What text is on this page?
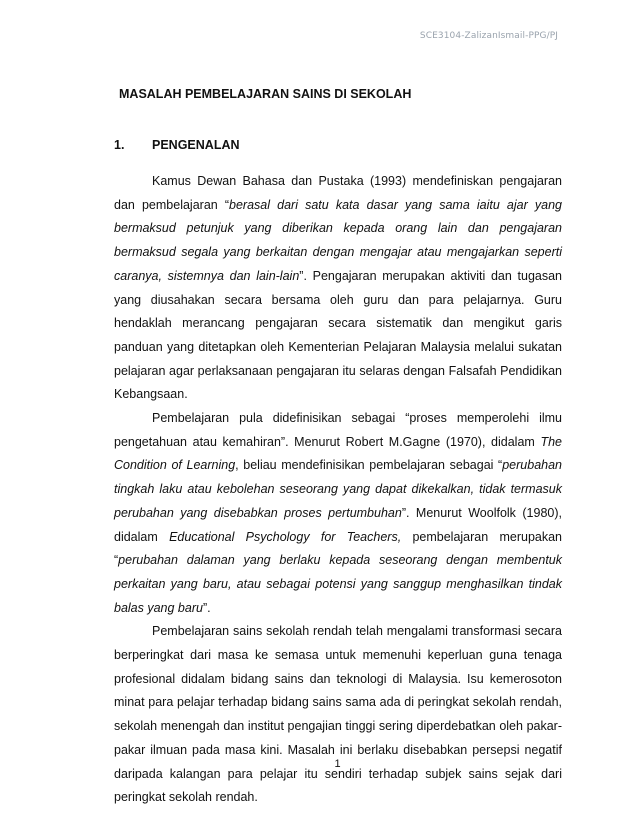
SCE3104-ZalizanIsmail-PPG/PJ
MASALAH PEMBELAJARAN SAINS DI SEKOLAH
1. PENGENALAN

Kamus Dewan Bahasa dan Pustaka (1993) mendefiniskan pengajaran dan pembelajaran “berasal dari satu kata dasar yang sama iaitu ajar yang bermaksud petunjuk yang diberikan kepada orang lain dan pengajaran bermaksud segala yang berkaitan dengan mengajar atau mengajarkan seperti caranya, sistemnya dan lain-lain”. Pengajaran merupakan aktiviti dan tugasan yang diusahakan secara bersama oleh guru dan para pelajarnya. Guru hendaklah merancang pengajaran secara sistematik dan mengikut garis panduan yang ditetapkan oleh Kementerian Pelajaran Malaysia melalui sukatan pelajaran agar perlaksanaan pengajaran itu selaras dengan Falsafah Pendidikan Kebangsaan.

Pembelajaran pula didefinisikan sebagai “proses memperolehi ilmu pengetahuan atau kemahiran”. Menurut Robert M.Gagne (1970), didalam The Condition of Learning, beliau mendefinisikan pembelajaran sebagai “perubahan tingkah laku atau kebolehan seseorang yang dapat dikekalkan, tidak termasuk perubahan yang disebabkan proses pertumbuhan”. Menurut Woolfolk (1980), didalam Educational Psychology for Teachers, pembelajaran merupakan “perubahan dalaman yang berlaku kepada seseorang dengan membentuk perkaitan yang baru, atau sebagai potensi yang sanggup menghasilkan tindak balas yang baru”.

Pembelajaran sains sekolah rendah telah mengalami transformasi secara berperingkat dari masa ke semasa untuk memenuhi keperluan guna tenaga profesional didalam bidang sains dan teknologi di Malaysia. Isu kemerosoton minat para pelajar terhadap bidang sains sama ada di peringkat sekolah rendah, sekolah menengah dan institut pengajian tinggi sering diperdebatkan oleh pakar-pakar ilmuan pada masa kini. Masalah ini berlaku disebabkan persepsi negatif daripada kalangan para pelajar itu sendiri terhadap subjek sains sejak dari peringkat sekolah rendah.

1
